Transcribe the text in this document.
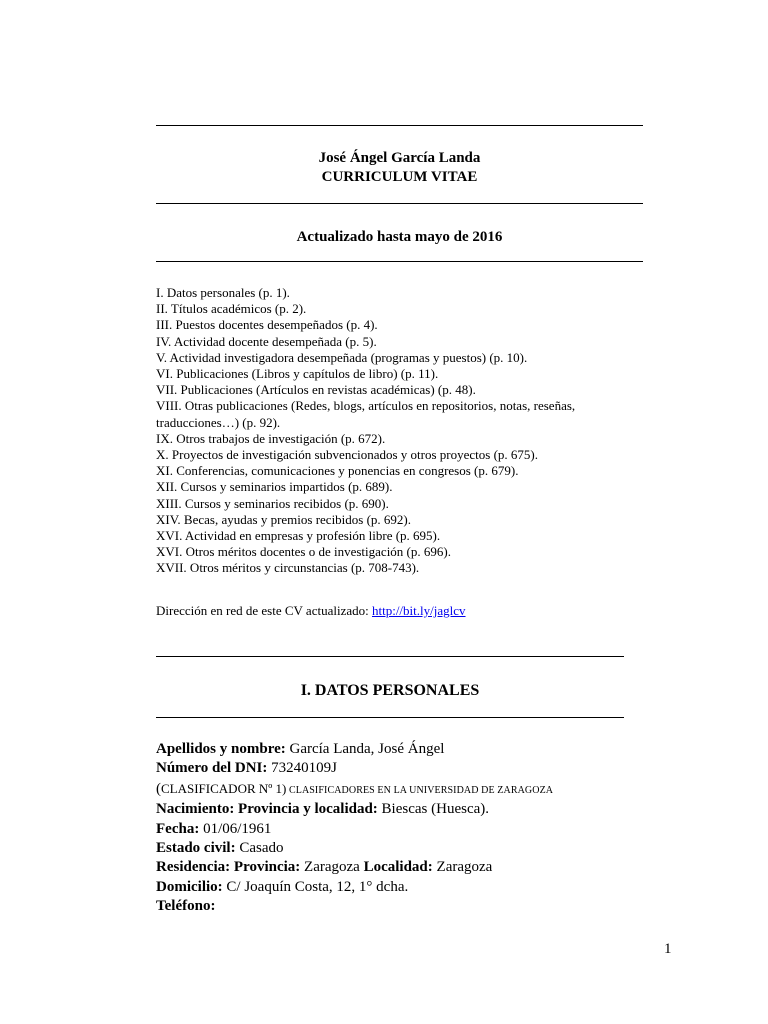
José Ángel García Landa
CURRICULUM VITAE
Actualizado hasta mayo de 2016
I. Datos personales (p. 1).
II. Títulos académicos (p. 2).
III. Puestos docentes desempeñados (p. 4).
IV. Actividad docente desempeñada (p. 5).
V. Actividad investigadora desempeñada (programas y puestos) (p. 10).
VI. Publicaciones (Libros y capítulos de libro) (p. 11).
VII. Publicaciones (Artículos en revistas académicas) (p. 48).
VIII. Otras publicaciones (Redes, blogs, artículos en repositorios, notas, reseñas,
traducciones…) (p. 92).
IX. Otros trabajos de investigación (p. 672).
X. Proyectos de investigación subvencionados y otros proyectos (p. 675).
XI. Conferencias, comunicaciones y ponencias en congresos (p. 679).
XII. Cursos y seminarios impartidos (p. 689).
XIII. Cursos y seminarios recibidos (p. 690).
XIV. Becas, ayudas y premios recibidos (p. 692).
XVI. Actividad en empresas y profesión libre (p. 695).
XVI. Otros méritos docentes o de investigación (p. 696).
XVII. Otros méritos y circunstancias (p. 708-743).
Dirección en red de este CV actualizado: http://bit.ly/jaglcv
I. DATOS PERSONALES
Apellidos y nombre: García Landa, José Ángel
Número del DNI: 73240109J
(CLASIFICADOR Nº 1) CLASIFICADORES EN LA UNIVERSIDAD DE ZARAGOZA
Nacimiento: Provincia y localidad: Biescas (Huesca).
Fecha: 01/06/1961
Estado civil: Casado
Residencia: Provincia: Zaragoza Localidad: Zaragoza
Domicilio: C/ Joaquín Costa, 12, 1° dcha.
Teléfono:
1
